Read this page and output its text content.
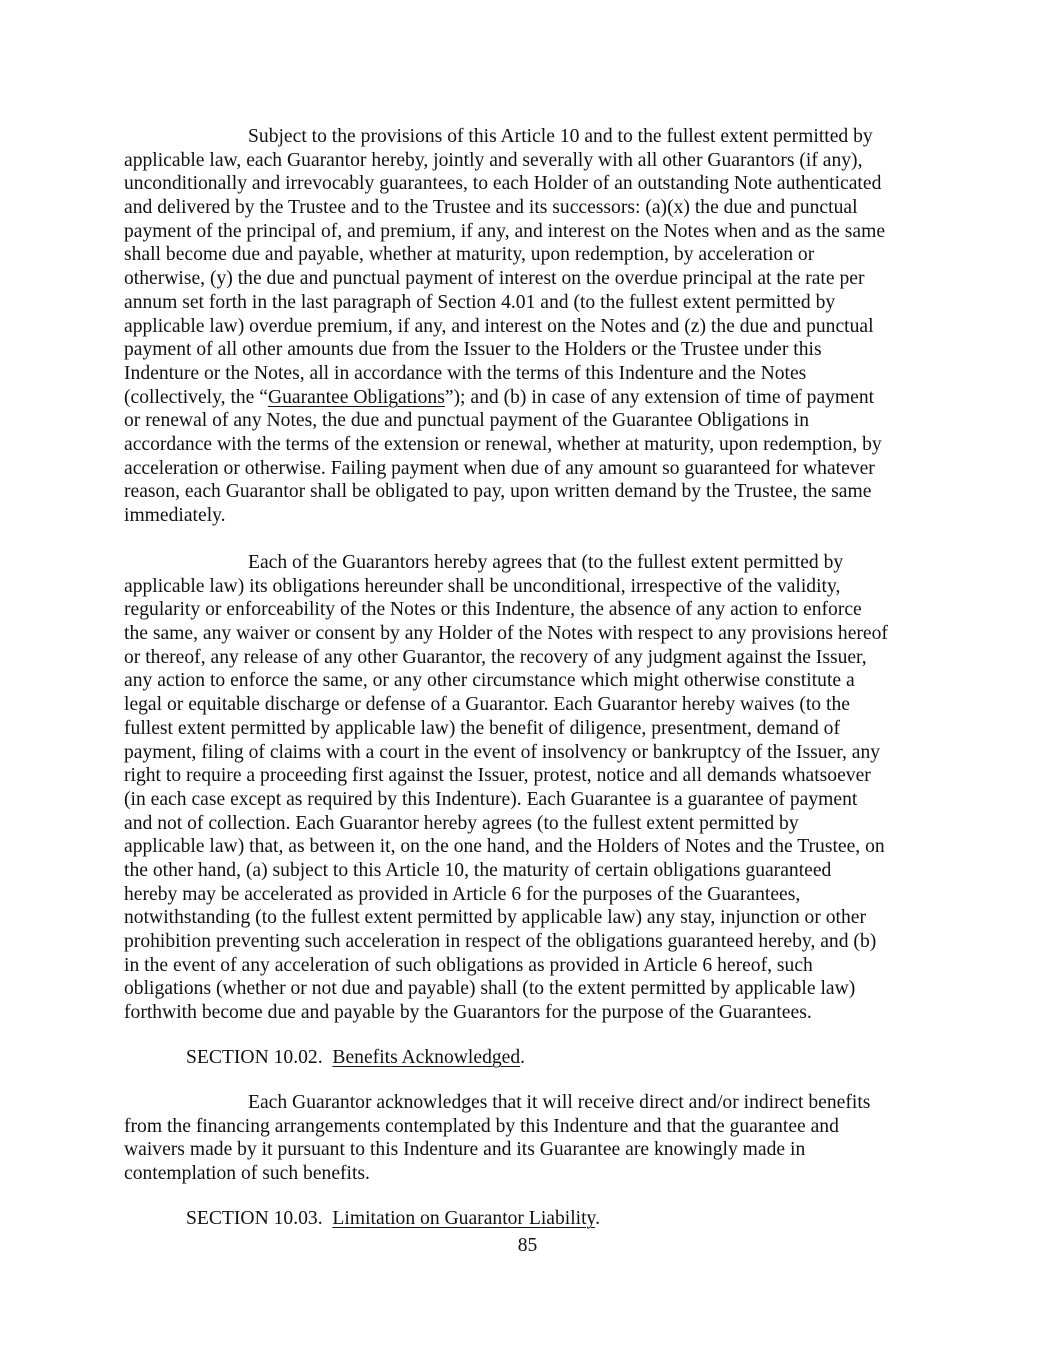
Subject to the provisions of this Article 10 and to the fullest extent permitted by
applicable law, each Guarantor hereby, jointly and severally with all other Guarantors (if any),
unconditionally and irrevocably guarantees, to each Holder of an outstanding Note authenticated
and delivered by the Trustee and to the Trustee and its successors: (a)(x) the due and punctual
payment of the principal of, and premium, if any, and interest on the Notes when and as the same
shall become due and payable, whether at maturity, upon redemption, by acceleration or
otherwise, (y) the due and punctual payment of interest on the overdue principal at the rate per
annum set forth in the last paragraph of Section 4.01 and (to the fullest extent permitted by
applicable law) overdue premium, if any, and interest on the Notes and (z) the due and punctual
payment of all other amounts due from the Issuer to the Holders or the Trustee under this
Indenture or the Notes, all in accordance with the terms of this Indenture and the Notes
(collectively, the “Guarantee Obligations”); and (b) in case of any extension of time of payment
or renewal of any Notes, the due and punctual payment of the Guarantee Obligations in
accordance with the terms of the extension or renewal, whether at maturity, upon redemption, by
acceleration or otherwise. Failing payment when due of any amount so guaranteed for whatever
reason, each Guarantor shall be obligated to pay, upon written demand by the Trustee, the same
immediately.
Each of the Guarantors hereby agrees that (to the fullest extent permitted by
applicable law) its obligations hereunder shall be unconditional, irrespective of the validity,
regularity or enforceability of the Notes or this Indenture, the absence of any action to enforce
the same, any waiver or consent by any Holder of the Notes with respect to any provisions hereof
or thereof, any release of any other Guarantor, the recovery of any judgment against the Issuer,
any action to enforce the same, or any other circumstance which might otherwise constitute a
legal or equitable discharge or defense of a Guarantor. Each Guarantor hereby waives (to the
fullest extent permitted by applicable law) the benefit of diligence, presentment, demand of
payment, filing of claims with a court in the event of insolvency or bankruptcy of the Issuer, any
right to require a proceeding first against the Issuer, protest, notice and all demands whatsoever
(in each case except as required by this Indenture). Each Guarantee is a guarantee of payment
and not of collection. Each Guarantor hereby agrees (to the fullest extent permitted by
applicable law) that, as between it, on the one hand, and the Holders of Notes and the Trustee, on
the other hand, (a) subject to this Article 10, the maturity of certain obligations guaranteed
hereby may be accelerated as provided in Article 6 for the purposes of the Guarantees,
notwithstanding (to the fullest extent permitted by applicable law) any stay, injunction or other
prohibition preventing such acceleration in respect of the obligations guaranteed hereby, and (b)
in the event of any acceleration of such obligations as provided in Article 6 hereof, such
obligations (whether or not due and payable) shall (to the extent permitted by applicable law)
forthwith become due and payable by the Guarantors for the purpose of the Guarantees.

SECTION 10.02. Benefits Acknowledged.

Each Guarantor acknowledges that it will receive direct and/or indirect benefits
from the financing arrangements contemplated by this Indenture and that the guarantee and
waivers made by it pursuant to this Indenture and its Guarantee are knowingly made in
contemplation of such benefits.

SECTION 10.03. Limitation on Guarantor Liability.

85
